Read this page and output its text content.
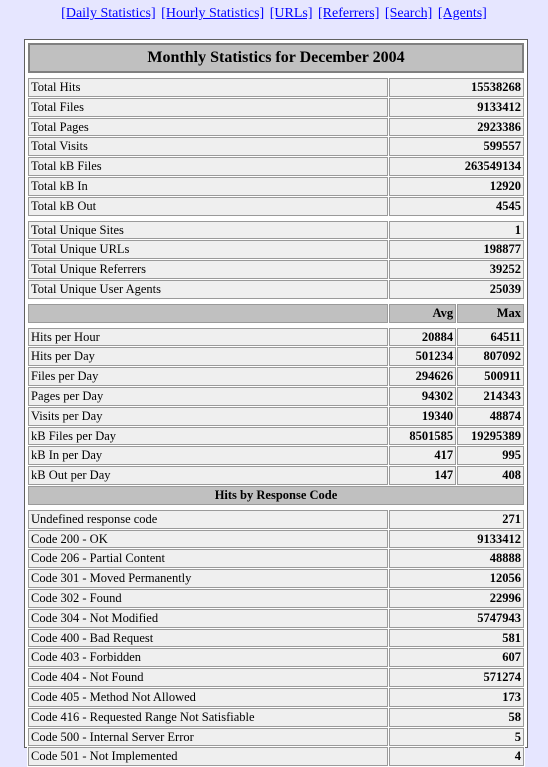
[Daily Statistics] [Hourly Statistics] [URLs] [Referrers] [Search] [Agents]
Monthly Statistics for December 2004		

Total Hits	15538268	
Total Files	9133412	
Total Pages	2923386	
Total Visits	599557	
Total kB Files	263549134	
Total kB In	12920	
Total kB Out	4545	

Total Unique Sites	1	
Total Unique URLs	198877	
Total Unique Referrers	39252	
Total Unique User Agents	25039	

	Avg	Max

Hits per Hour	20884	64511
Hits per Day	501234	807092
Files per Day	294626	500911
Pages per Day	94302	214343
Visits per Day	19340	48874
kB Files per Day	8501585	19295389
kB In per Day	417	995
kB Out per Day	147	408
Hits by Response Code		

Undefined response code	271	
Code 200 - OK	9133412	
Code 206 - Partial Content	48888	
Code 301 - Moved Permanently	12056	
Code 302 - Found	22996	
Code 304 - Not Modified	5747943	
Code 400 - Bad Request	581	
Code 403 - Forbidden	607	
Code 404 - Not Found	571274	
Code 405 - Method Not Allowed	173	
Code 416 - Requested Range Not Satisfiable	58	
Code 500 - Internal Server Error	5	
Code 501 - Not Implemented	4	
